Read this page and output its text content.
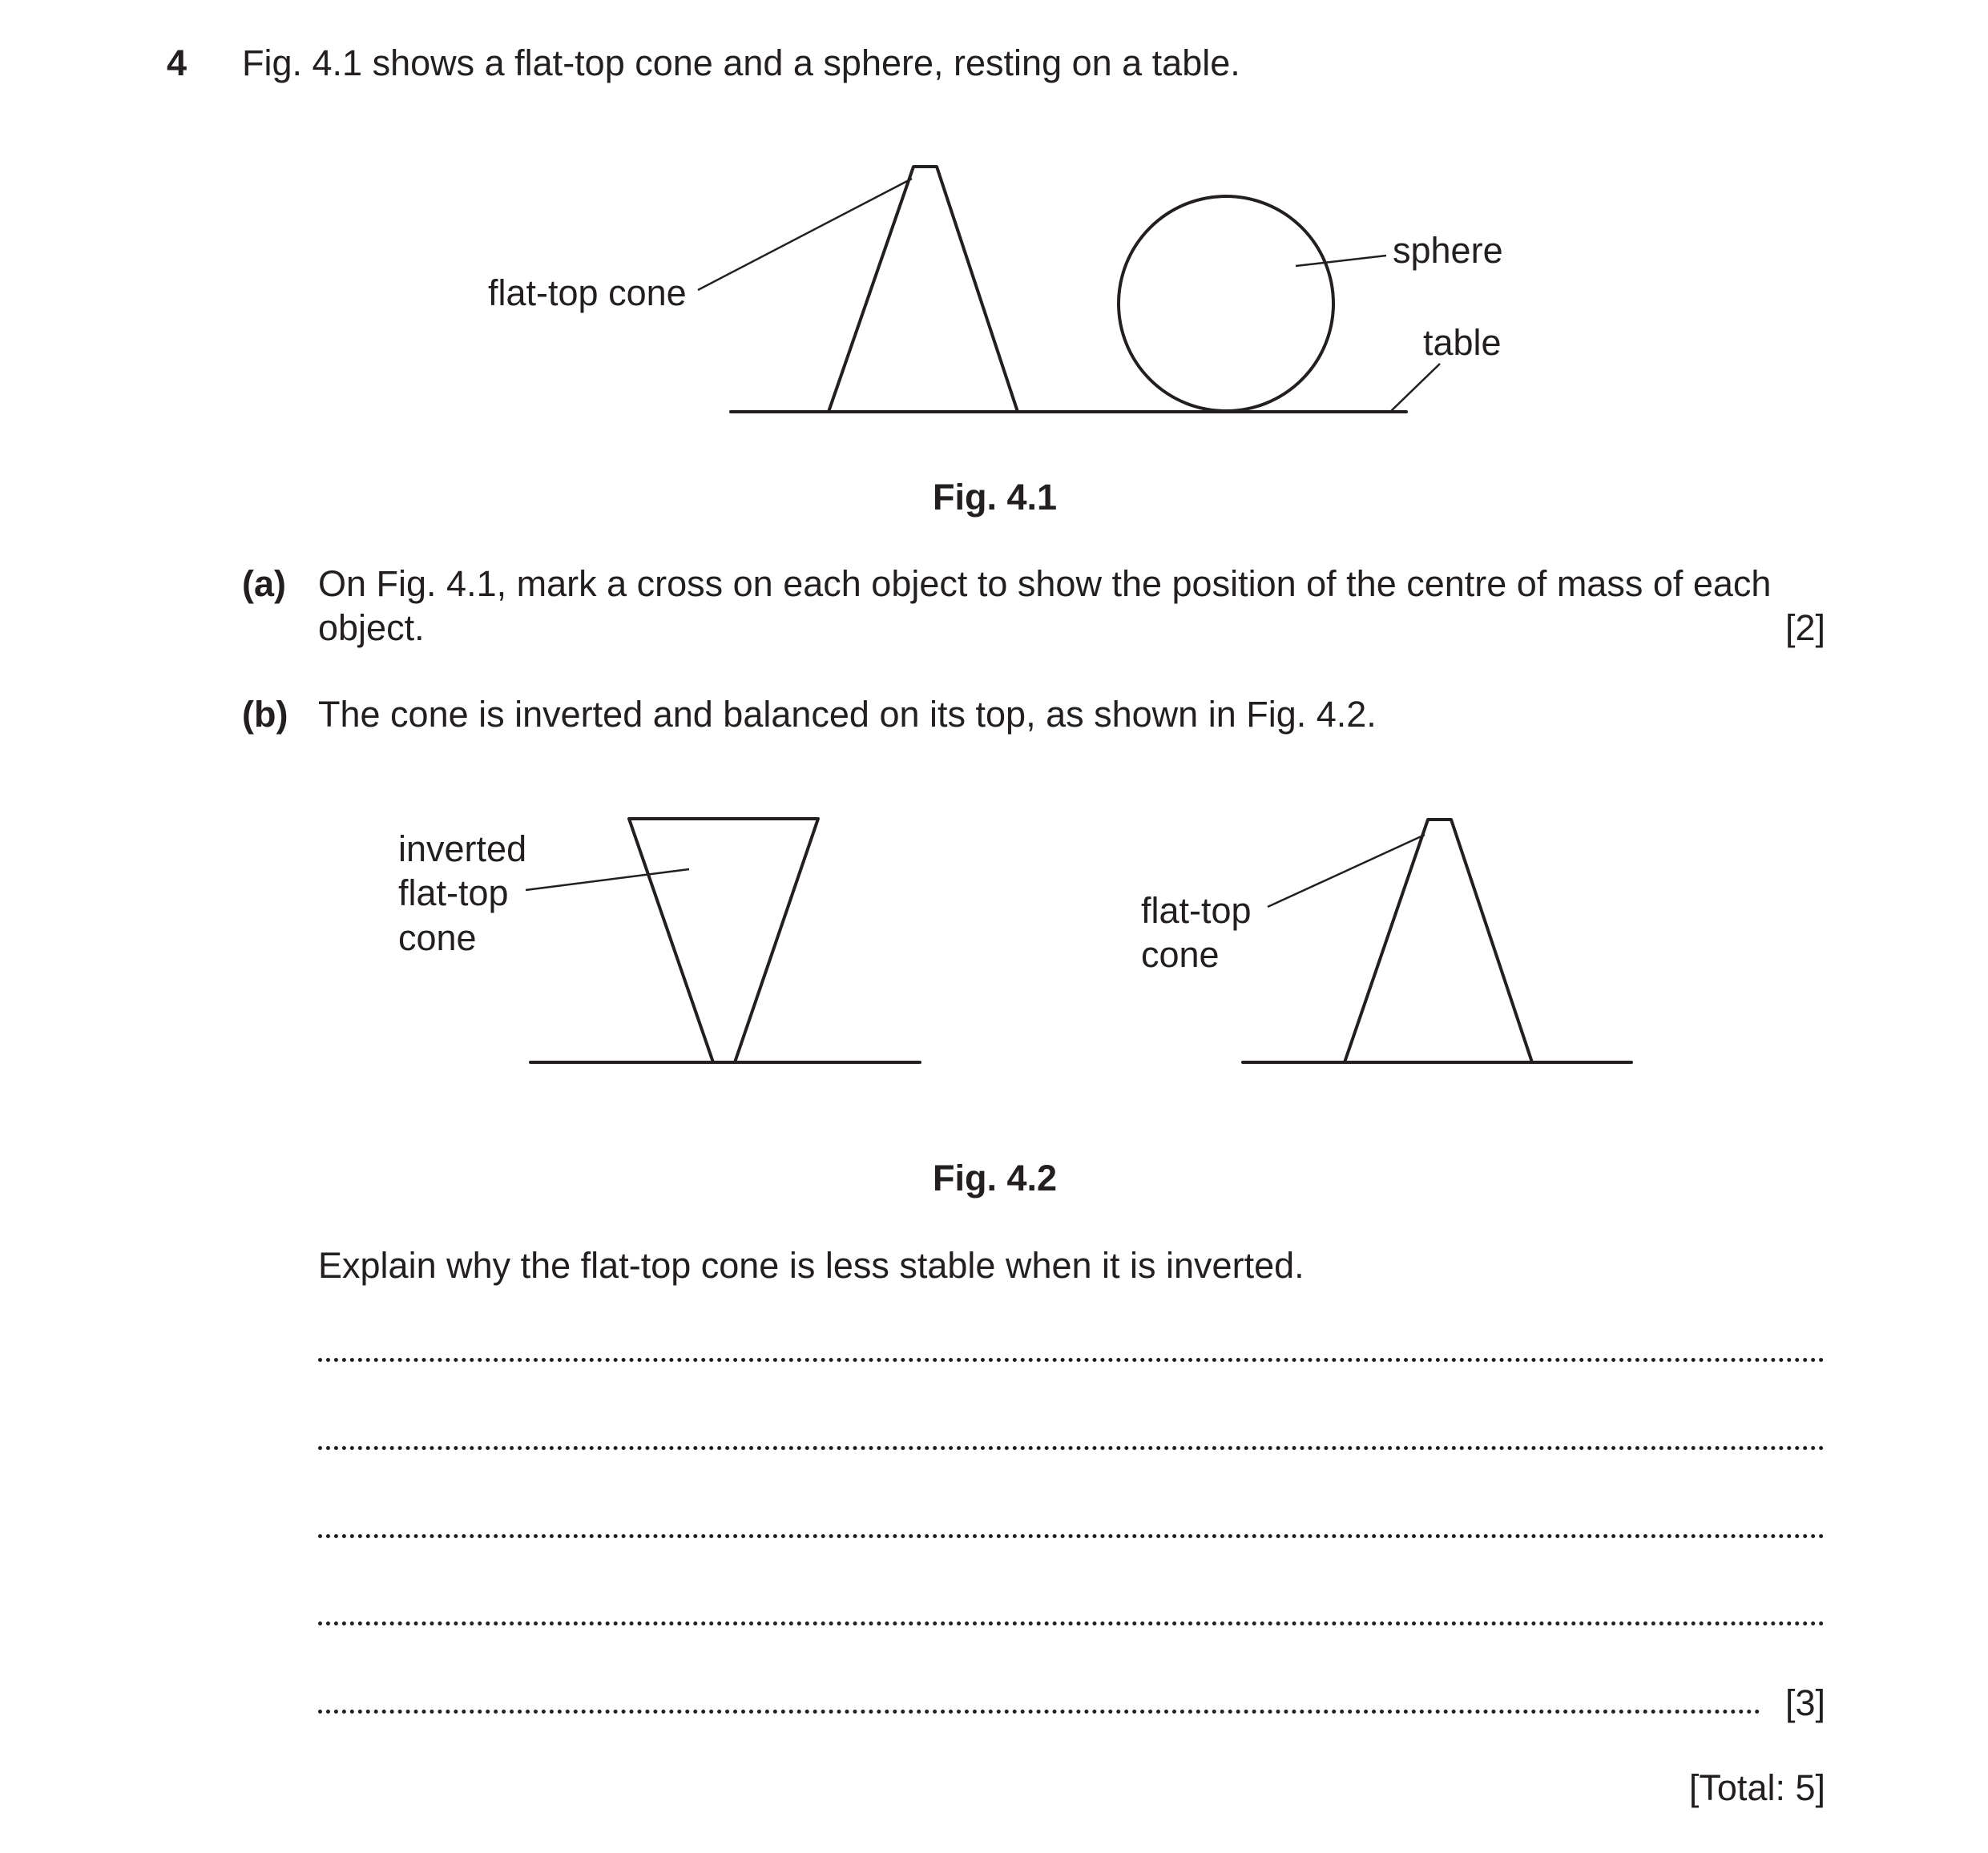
4 Fig. 4.1 shows a flat-top cone and a sphere, resting on a table.
flat-top cone
sphere
table
Fig. 4.1
(a) On Fig. 4.1, mark a cross on each object to show the position of the centre of mass of each
object.	[2]
(b) The cone is inverted and balanced on its top, as shown in Fig. 4.2.
inverted
flat-top
cone
flat-top
cone
Fig. 4.2
Explain why the flat-top cone is less stable when it is inverted.
[3]
[Total: 5]
